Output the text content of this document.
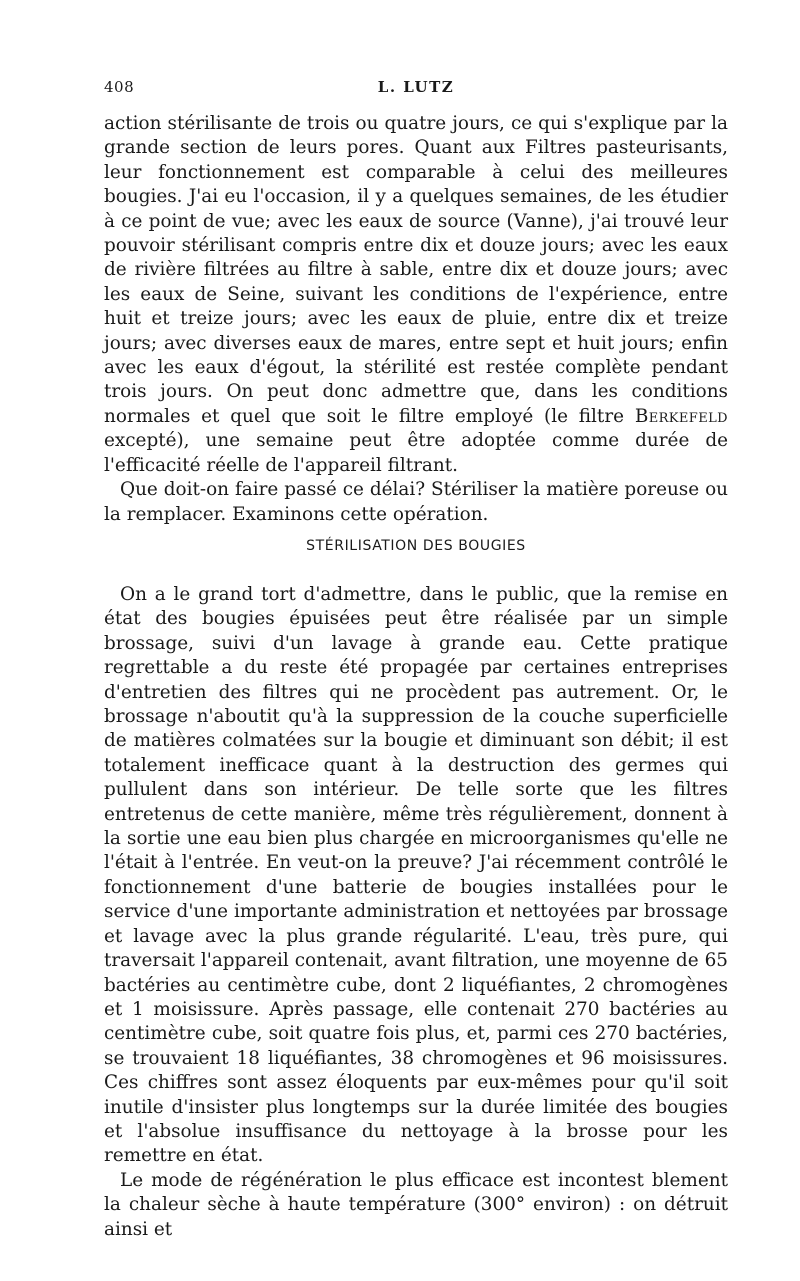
408	L. LUTZ

action stérilisante de trois ou quatre jours, ce qui s'explique par la grande section de leurs pores. Quant aux Filtres pasteurisants, leur fonctionnement est comparable à celui des meilleures bougies. J'ai eu l'occasion, il y a quelques semaines, de les étudier à ce point de vue; avec les eaux de source (Vanne), j'ai trouvé leur pouvoir stérilisant compris entre dix et douze jours; avec les eaux de rivière filtrées au filtre à sable, entre dix et douze jours; avec les eaux de Seine, suivant les conditions de l'expérience, entre huit et treize jours; avec les eaux de pluie, entre dix et treize jours; avec diverses eaux de mares, entre sept et huit jours; enfin avec les eaux d'égout, la stérilité est restée complète pendant trois jours. On peut donc admettre que, dans les conditions normales et quel que soit le filtre employé (le filtre Berkefeld excepté), une semaine peut être adoptée comme durée de l'efficacité réelle de l'appareil filtrant.

Que doit-on faire passé ce délai? Stériliser la matière poreuse ou la remplacer. Examinons cette opération.

STÉRILISATION DES BOUGIES

On a le grand tort d'admettre, dans le public, que la remise en état des bougies épuisées peut être réalisée par un simple brossage, suivi d'un lavage à grande eau. Cette pratique regrettable a du reste été propagée par certaines entreprises d'entretien des filtres qui ne procèdent pas autrement. Or, le brossage n'aboutit qu'à la suppression de la couche superficielle de matières colmatées sur la bougie et diminuant son débit; il est totalement inefficace quant à la destruction des germes qui pullulent dans son intérieur. De telle sorte que les filtres entretenus de cette manière, même très régulièrement, donnent à la sortie une eau bien plus chargée en microorganismes qu'elle ne l'était à l'entrée. En veut-on la preuve? J'ai récemment contrôlé le fonctionnement d'une batterie de bougies installées pour le service d'une importante administration et nettoyées par brossage et lavage avec la plus grande régularité. L'eau, très pure, qui traversait l'appareil contenait, avant filtration, une moyenne de 65 bactéries au centimètre cube, dont 2 liquéfiantes, 2 chromogènes et 1 moisissure. Après passage, elle contenait 270 bactéries au centimètre cube, soit quatre fois plus, et, parmi ces 270 bactéries, se trouvaient 18 liquéfiantes, 38 chromogènes et 96 moisissures. Ces chiffres sont assez éloquents par eux-mêmes pour qu'il soit inutile d'insister plus longtemps sur la durée limitée des bougies et l'absolue insuffisance du nettoyage à la brosse pour les remettre en état.

Le mode de régénération le plus efficace est incontest blement la chaleur sèche à haute température (300° environ) : on détruit ainsi et
